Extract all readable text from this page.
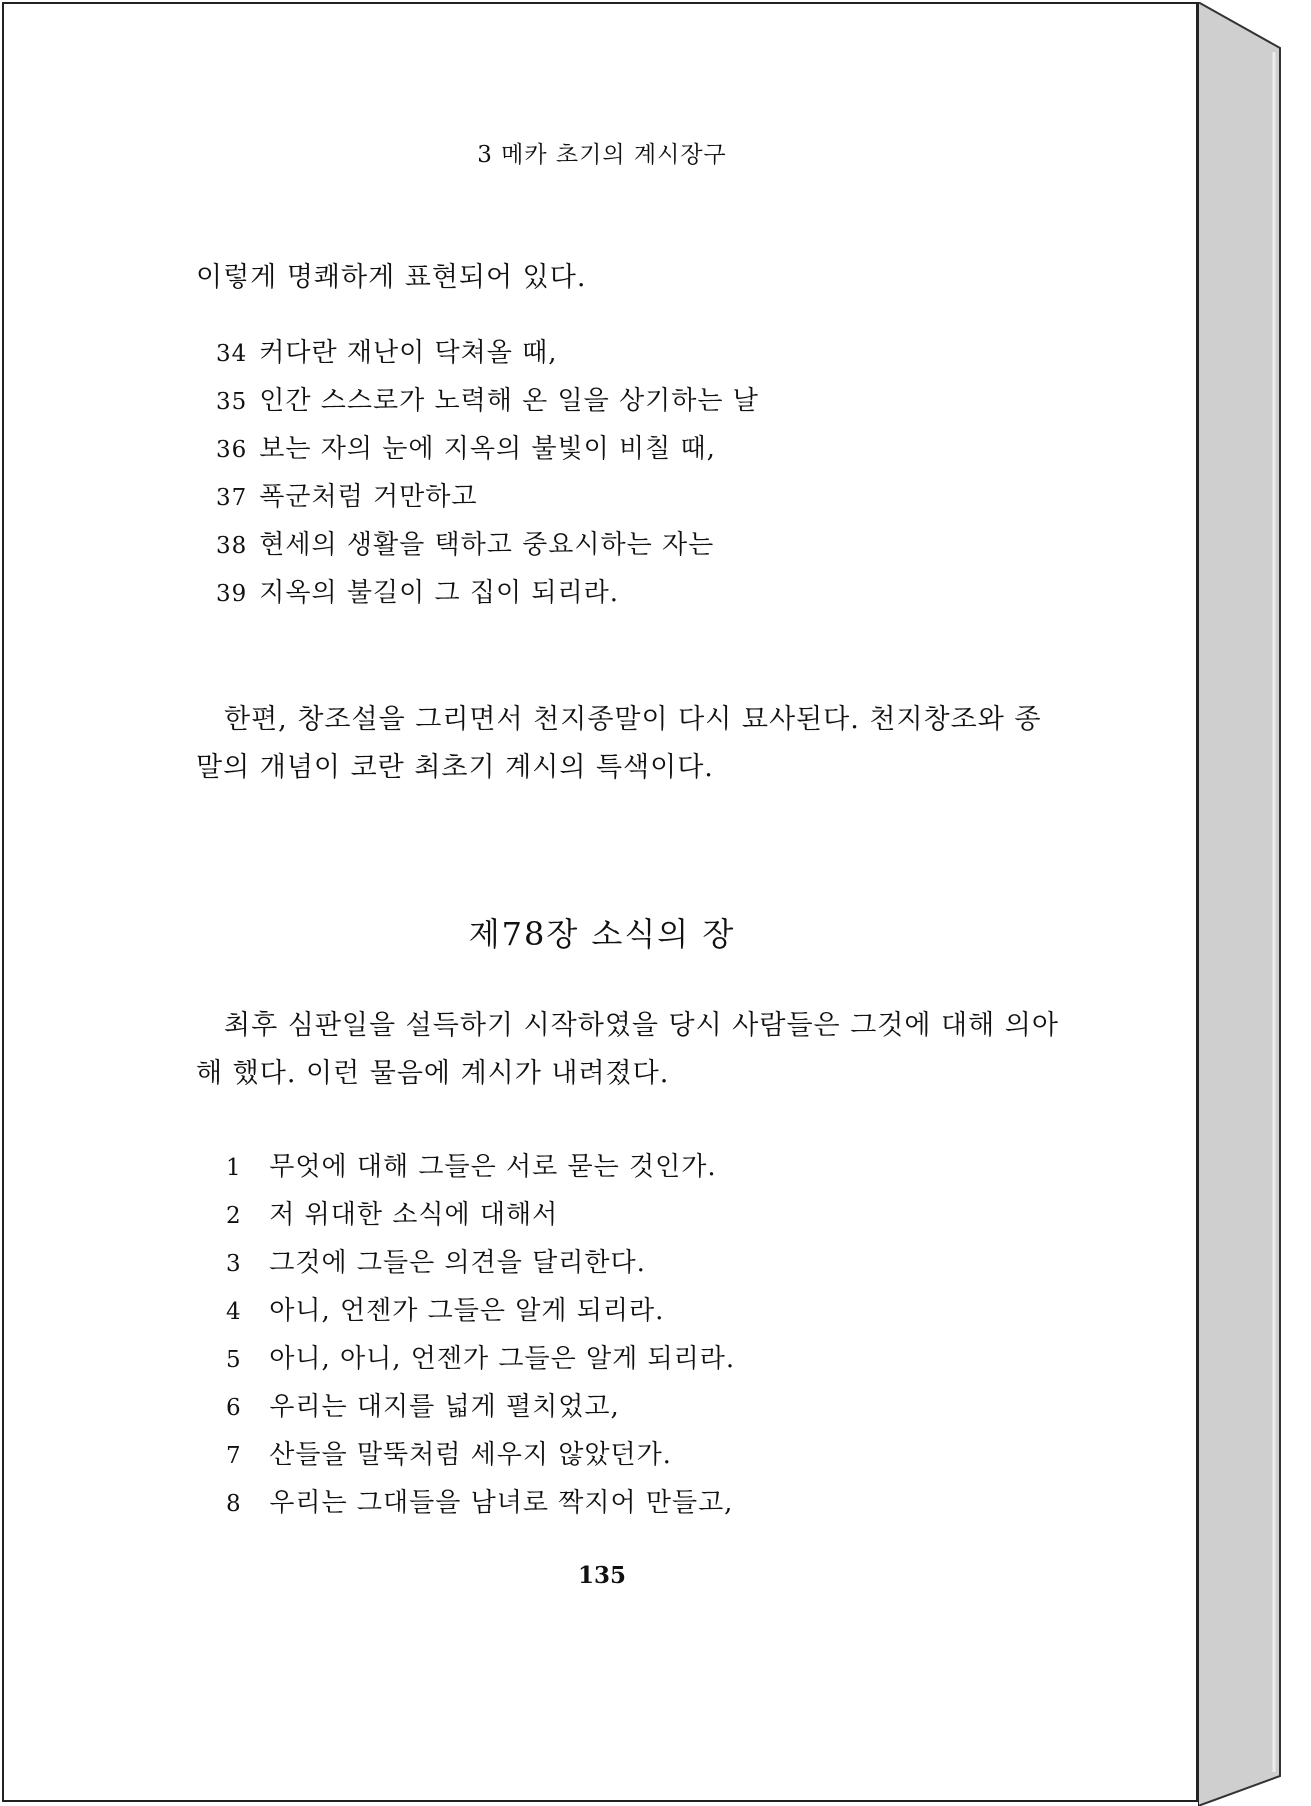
3 메카 초기의 계시장구

이렇게 명쾌하게 표현되어 있다.

34 커다란 재난이 닥쳐올 때,
35 인간 스스로가 노력해 온 일을 상기하는 날
36 보는 자의 눈에 지옥의 불빛이 비칠 때,
37 폭군처럼 거만하고
38 현세의 생활을 택하고 중요시하는 자는
39 지옥의 불길이 그 집이 되리라.

한편, 창조설을 그리면서 천지종말이 다시 묘사된다. 천지창조와 종말의 개념이 코란 최초기 계시의 특색이다.

제78장 소식의 장

최후 심판일을 설득하기 시작하였을 당시 사람들은 그것에 대해 의아해 했다. 이런 물음에 계시가 내려졌다.

1 무엇에 대해 그들은 서로 묻는 것인가.
2 저 위대한 소식에 대해서
3 그것에 그들은 의견을 달리한다.
4 아니, 언젠가 그들은 알게 되리라.
5 아니, 아니, 언젠가 그들은 알게 되리라.
6 우리는 대지를 넓게 펼치었고,
7 산들을 말뚝처럼 세우지 않았던가.
8 우리는 그대들을 남녀로 짝지어 만들고,
135
